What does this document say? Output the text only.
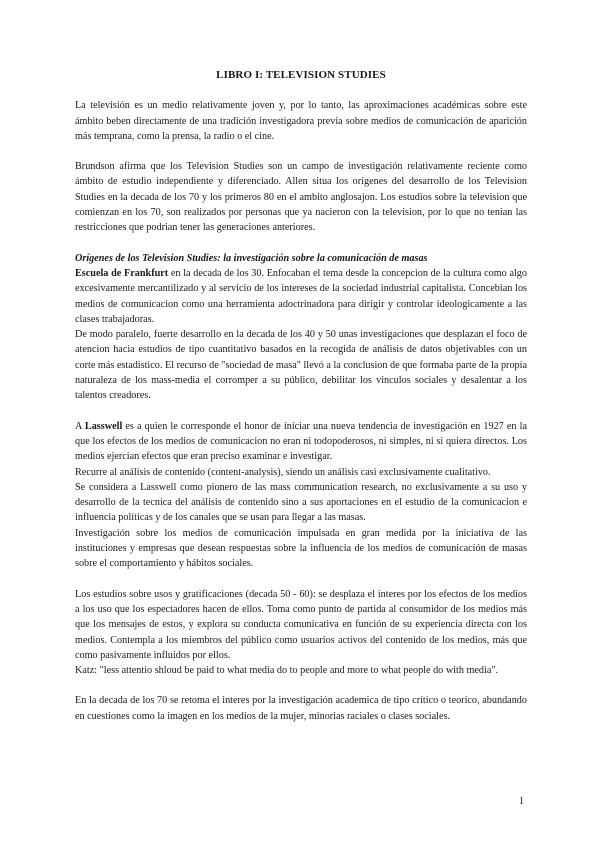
LIBRO I: TELEVISION STUDIES

La televisión es un medio relativamente joven y, por lo tanto, las aproximaciones académicas sobre este ámbito beben directamente de una tradición investigadora previa sobre medios de comunicación de aparición más temprana, como la prensa, la radio o el cine.

Brundson afirma que los Television Studies son un campo de investigación relativamente reciente como ámbito de estudio independiente y diferenciado. Allen situa los orígenes del desarrollo de los Television Studies en la decada de los 70 y los primeros 80 en el ambito anglosajon. Los estudios sobre la television que comienzan en los 70, son realizados por personas que ya nacieron con la television, por lo que no tenian las restricciones que podrian tener las generaciones anteriores.

Orígenes de los Television Studies: la investigación sobre la comunicación de masas

Escuela de Frankfurt en la decada de los 30. Enfocaban el tema desde la concepcion de la cultura como algo excesivamente mercantilizado y al servicio de los intereses de la sociedad industrial capitalista. Concebian los medios de comunicacion como una herramienta adoctrinadora para dirigir y controlar ideologicamente a las clases trabajadoras.

De modo paralelo, fuerte desarrollo en la decada de los 40 y 50 unas investigaciones que desplazan el foco de atencion hacia estudios de tipo cuantitativo basados en la recogida de análisis de datos objetivables con un corte más estadistico. El recurso de "sociedad de masa" llevó a la conclusion de que formaba parte de la propia naturaleza de los mass-media el corromper a su público, debilitar los vinculos sociales y desalentar a los talentos creadores.

A Lasswell es a quien le corresponde el honor de iniciar una nueva tendencia de investigación en 1927 en la que los efectos de los medios de comunicacion no eran ni todopoderosos, ni simples, ni si quiera directos. Los medios ejercian efectos que eran preciso examinar e investigar.

Recurre al análisis de contenido (content-analysis), siendo un análisis casi exclusivamente cualitativo.

Se considera a Lasswell como pionero de las mass communication research, no exclusivamente a su uso y desarrollo de la tecnica del análisis de contenido sino a sus aportaciones en el estudio de la comunicacion e influencia políticas y de los canales que se usan para llegar a las masas.

Investigación sobre los medios de comunicación impulsada en gran medida por la iniciativa de las instituciones y empresas que desean respuestas sobre la influencia de los medios de comunicación de masas sobre el comportamiento y hábitos sociales.

Los estudios sobre usos y gratificaciones (decada 50 - 60): se desplaza el interes por los efectos de los medios a los uso que los espectadores hacen de ellos. Toma como punto de partida al consumidor de los medios más que los mensajes de estos, y explora su conducta comunicativa en función de su experiencia directa con los medios. Contempla a los miembros del público como usuarios activos del contenido de los medios, más que como pasivamente influidos por ellos.

Katz: "less attentio shloud be paid to what media do to people and more to what people do with media".

En la decada de los 70 se retoma el interes por la investigación academica de tipo crítico o teorico, abundando en cuestiones como la imagen en los medios de la mujer, minorias raciales o clases sociales.

1
